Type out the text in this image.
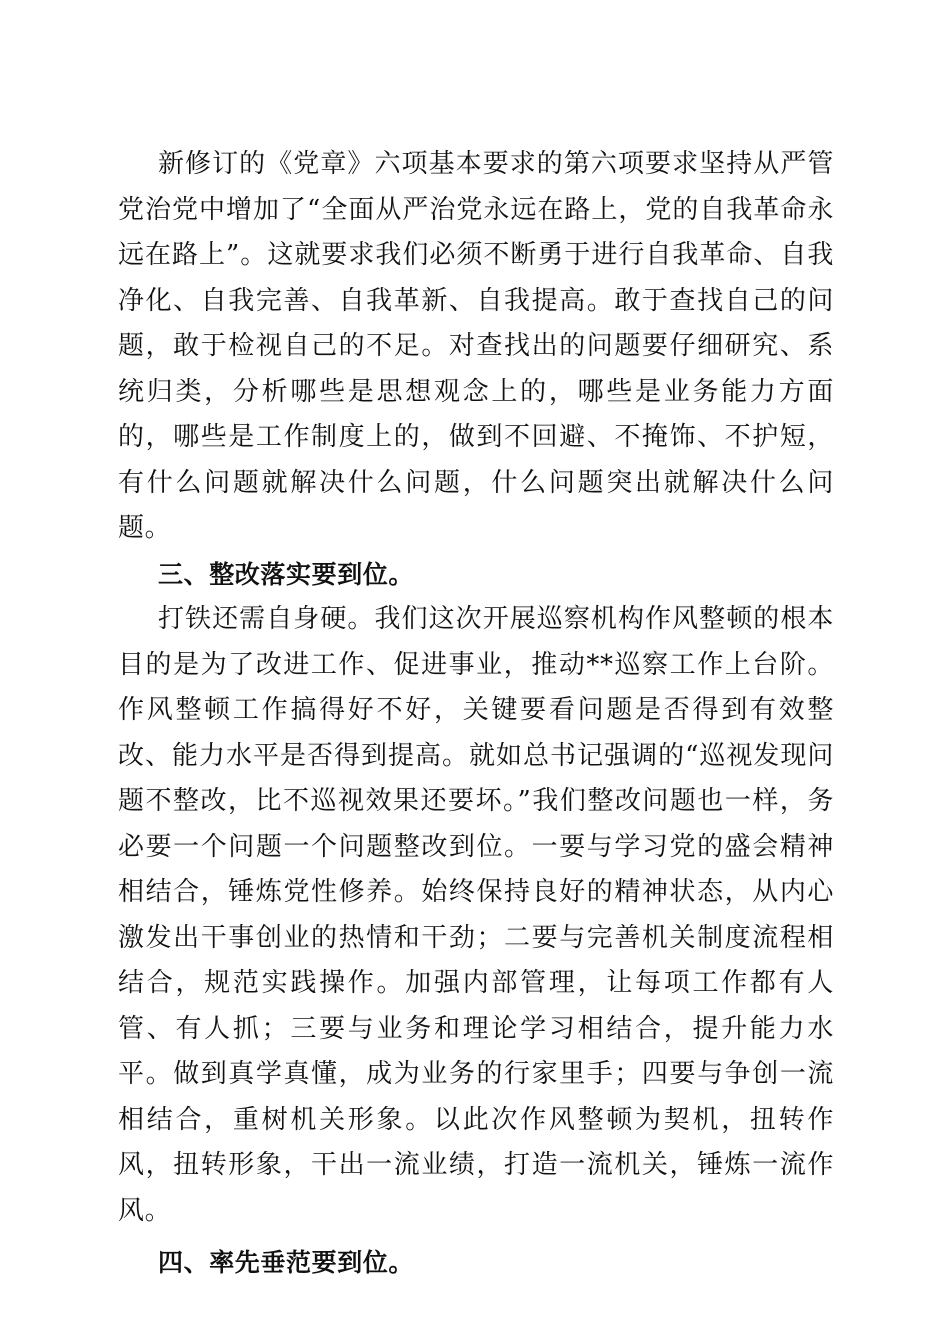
新修订的《党章》六项基本要求的第六项要求坚持从严管党治党中增加了“全面从严治党永远在路上，党的自我革命永远在路上”。这就要求我们必须不断勇于进行自我革命、自我净化、自我完善、自我革新、自我提高。敢于查找自己的问题，敢于检视自己的不足。对查找出的问题要仔细研究、系统归类，分析哪些是思想观念上的，哪些是业务能力方面的，哪些是工作制度上的，做到不回避、不掩饰、不护短，有什么问题就解决什么问题，什么问题突出就解决什么问题。

三、整改落实要到位。

打铁还需自身硬。我们这次开展巡察机构作风整顿的根本目的是为了改进工作、促进事业，推动**巡察工作上台阶。作风整顿工作搞得好不好，关键要看问题是否得到有效整改、能力水平是否得到提高。就如总书记强调的“巡视发现问题不整改，比不巡视效果还要坏。”我们整改问题也一样，务必要一个问题一个问题整改到位。一要与学习党的盛会精神相结合，锤炼党性修养。始终保持良好的精神状态，从内心激发出干事创业的热情和干劲；二要与完善机关制度流程相结合，规范实践操作。加强内部管理，让每项工作都有人管、有人抓；三要与业务和理论学习相结合，提升能力水平。做到真学真懂，成为业务的行家里手；四要与争创一流相结合，重树机关形象。以此次作风整顿为契机，扭转作风，扭转形象，干出一流业绩，打造一流机关，锤炼一流作风。

四、率先垂范要到位。
